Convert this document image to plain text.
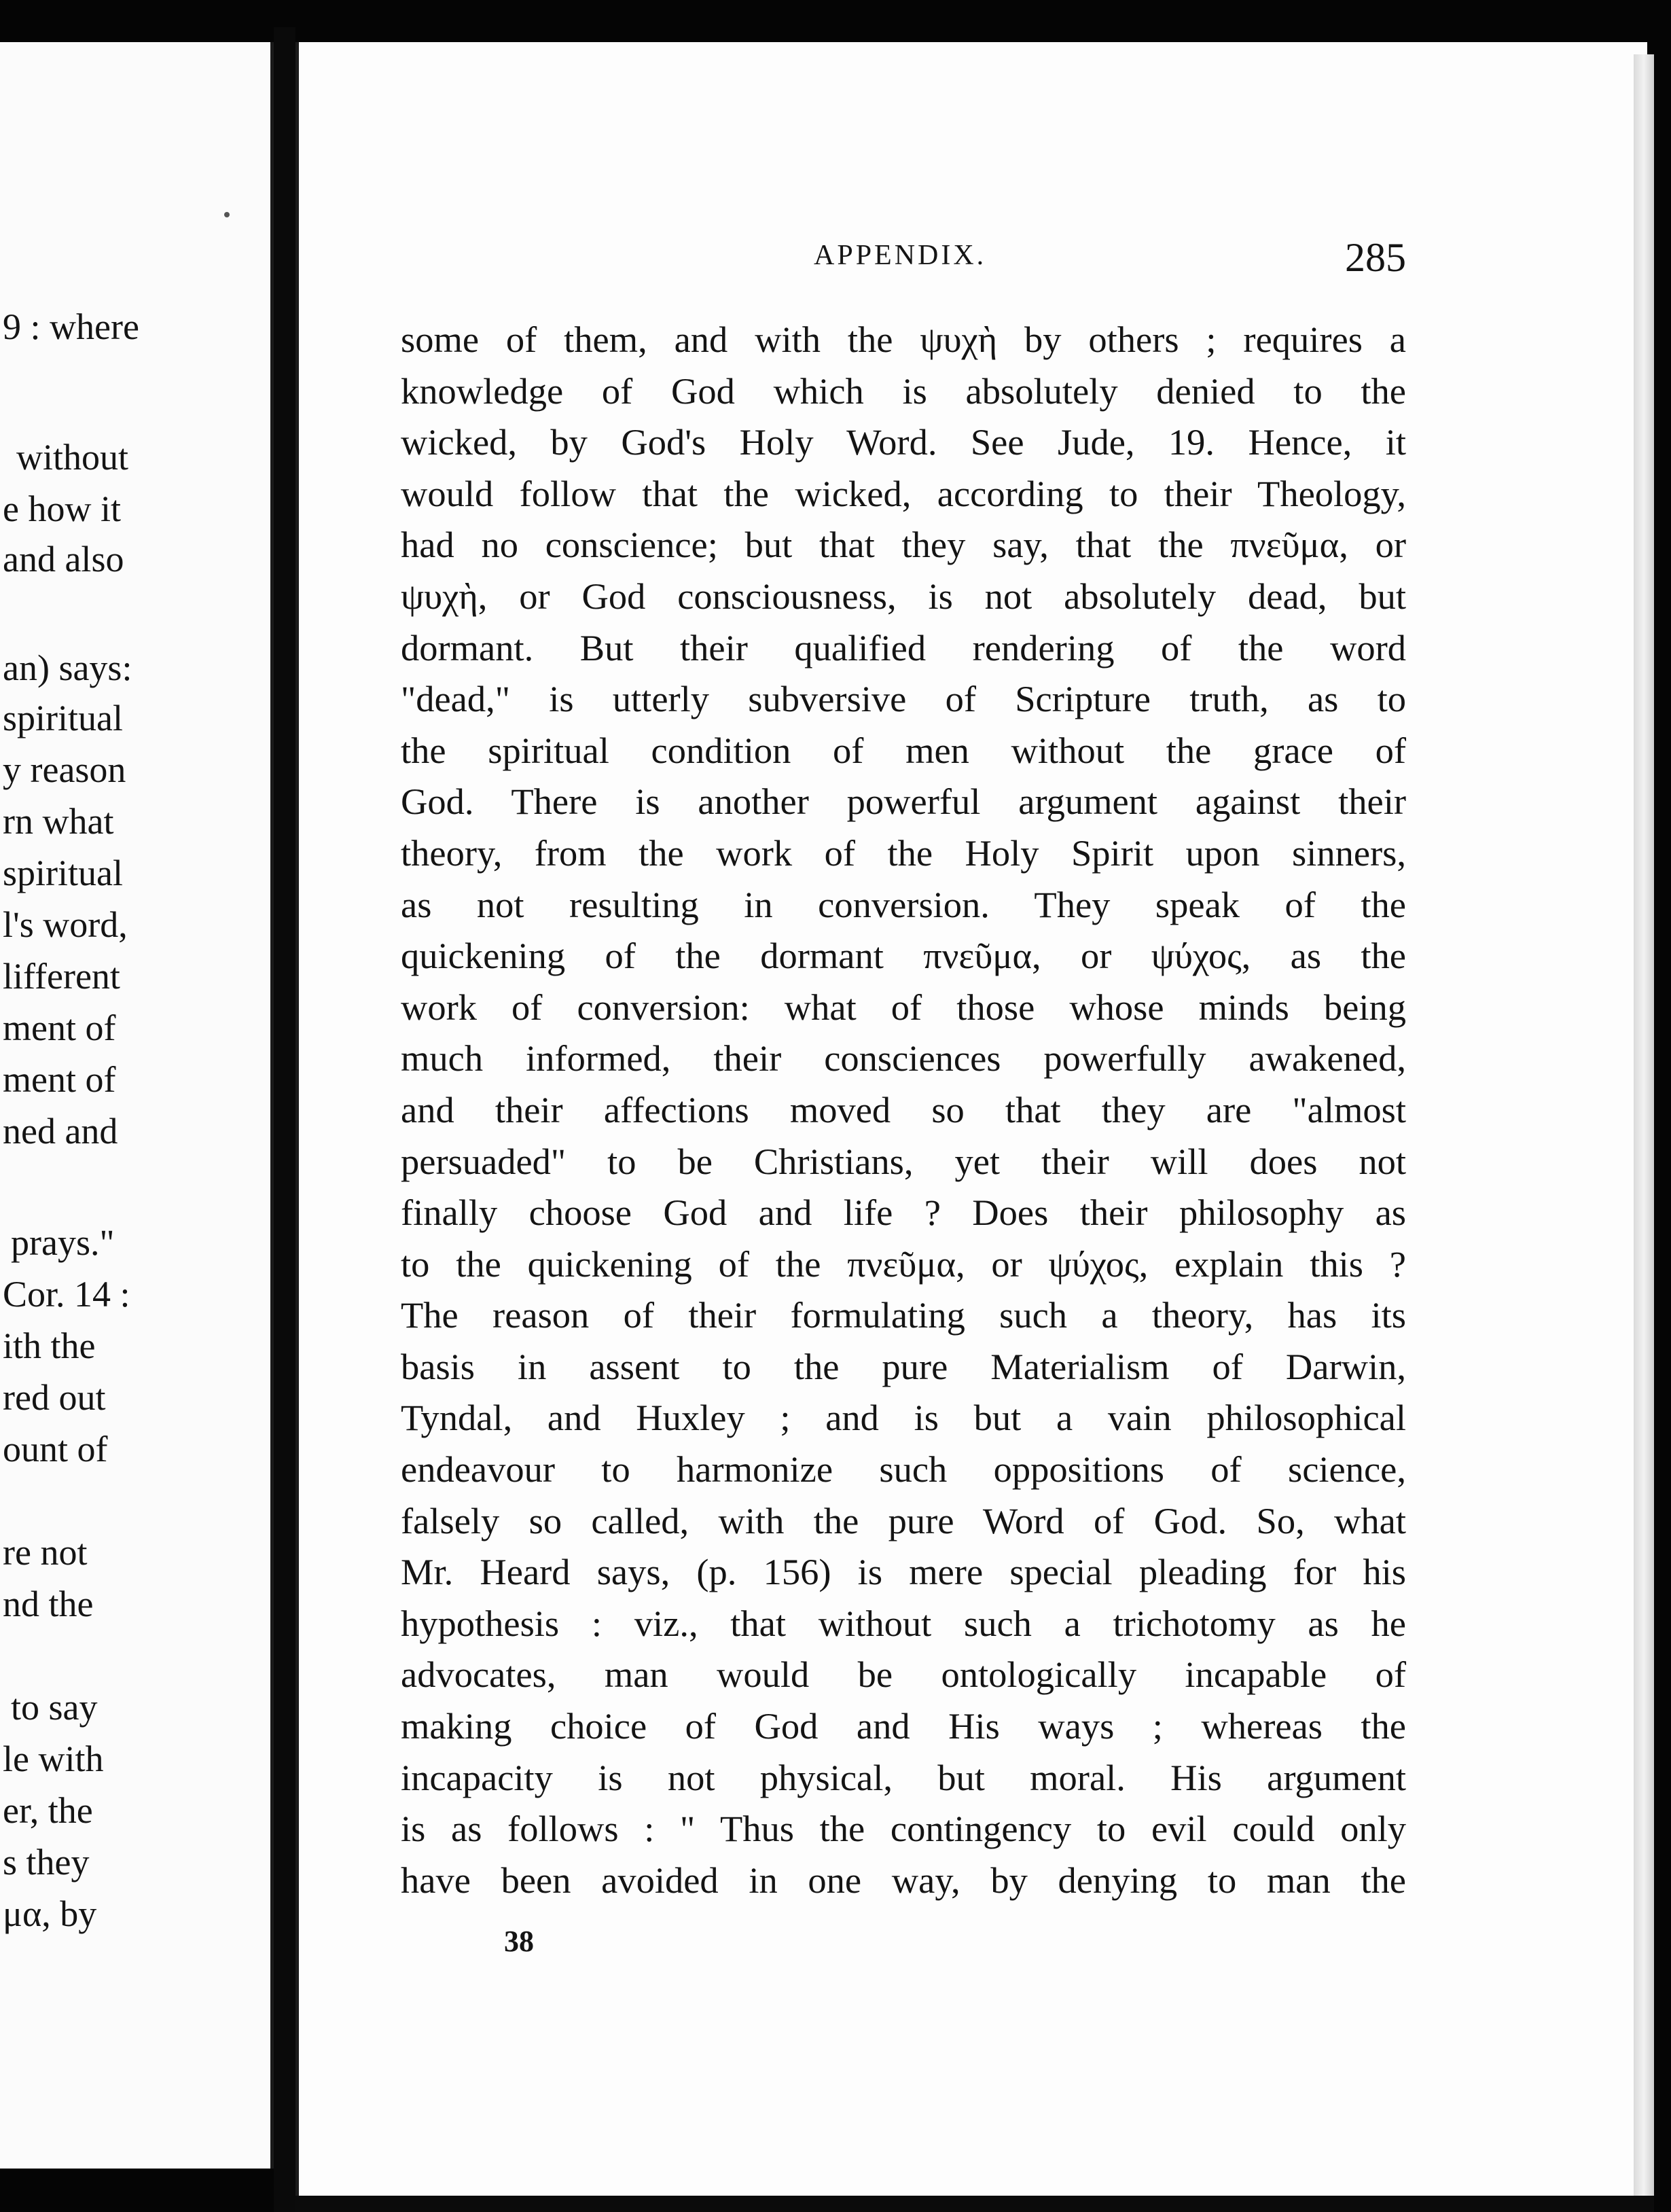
9 : where
without
e how it
and also
an) says:
spiritual
y reason
rn what
spiritual
l's word,
lifferent
ment of
ment of
ned and
prays."
Cor. 14 :
ith the
red out
ount of
re not
nd the
to say
le with
er, the
s they
μα, by
APPENDIX.	285
some of them, and with the ψυχὴ by others ; requires a
knowledge of God which is absolutely denied to the
wicked, by God's Holy Word. See Jude, 19. Hence, it
would follow that the wicked, according to their Theology,
had no conscience; but that they say, that the πνεῦμα, or
ψυχὴ, or God consciousness, is not absolutely dead, but
dormant. But their qualified rendering of the word
"dead," is utterly subversive of Scripture truth, as to
the spiritual condition of men without the grace of
God. There is another powerful argument against their
theory, from the work of the Holy Spirit upon sinners,
as not resulting in conversion. They speak of the
quickening of the dormant πνεῦμα, or ψύχος, as the
work of conversion: what of those whose minds being
much informed, their consciences powerfully awakened,
and their affections moved so that they are "almost
persuaded" to be Christians, yet their will does not
finally choose God and life ? Does their philosophy as
to the quickening of the πνεῦμα, or ψύχος, explain this ?
The reason of their formulating such a theory, has its
basis in assent to the pure Materialism of Darwin,
Tyndal, and Huxley ; and is but a vain philosophical
endeavour to harmonize such oppositions of science,
falsely so called, with the pure Word of God. So, what
Mr. Heard says, (p. 156) is mere special pleading for his
hypothesis : viz., that without such a trichotomy as he
advocates, man would be ontologically incapable of
making choice of God and His ways ; whereas the
incapacity is not physical, but moral. His argument
is as follows : " Thus the contingency to evil could only
have been avoided in one way, by denying to man the
38
